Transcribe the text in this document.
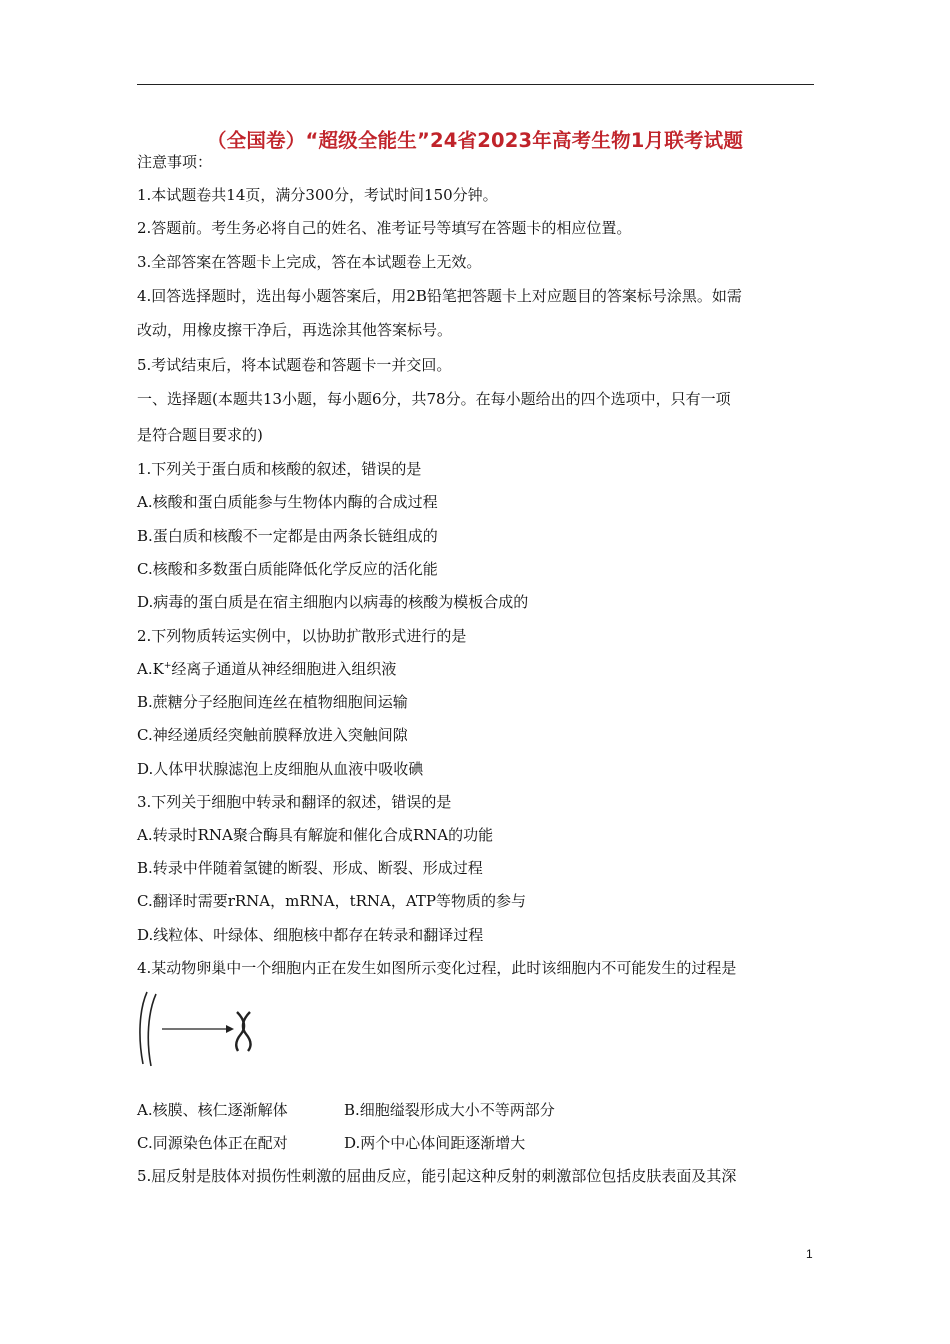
（全国卷）“超级全能生”24省2023年高考生物1月联考试题
注意事项：
1.本试题卷共14页，满分300分，考试时间150分钟。
2.答题前。考生务必将自己的姓名、准考证号等填写在答题卡的相应位置。
3.全部答案在答题卡上完成，答在本试题卷上无效。
4.回答选择题时，选出每小题答案后，用2B铅笔把答题卡上对应题目的答案标号涂黑。如需
改动，用橡皮擦干净后，再选涂其他答案标号。
5.考试结束后，将本试题卷和答题卡一并交回。
一、选择题(本题共13小题，每小题6分，共78分。在每小题给出的四个选项中，只有一项
是符合题目要求的)
1.下列关于蛋白质和核酸的叙述，错误的是
A.核酸和蛋白质能参与生物体内酶的合成过程
B.蛋白质和核酸不一定都是由两条长链组成的
C.核酸和多数蛋白质能降低化学反应的活化能
D.病毒的蛋白质是在宿主细胞内以病毒的核酸为模板合成的
2.下列物质转运实例中，以协助扩散形式进行的是
A.K+经离子通道从神经细胞进入组织液
B.蔗糖分子经胞间连丝在植物细胞间运输
C.神经递质经突触前膜释放进入突触间隙
D.人体甲状腺滤泡上皮细胞从血液中吸收碘
3.下列关于细胞中转录和翻译的叙述，错误的是
A.转录时RNA聚合酶具有解旋和催化合成RNA的功能
B.转录中伴随着氢键的断裂、形成、断裂、形成过程
C.翻译时需要rRNA，mRNA，tRNA，ATP等物质的参与
D.线粒体、叶绿体、细胞核中都存在转录和翻译过程
4.某动物卵巢中一个细胞内正在发生如图所示变化过程，此时该细胞内不可能发生的过程是
A.核膜、核仁逐渐解体	B.细胞缢裂形成大小不等两部分
C.同源染色体正在配对	D.两个中心体间距逐渐增大
5.屈反射是肢体对损伤性刺激的屈曲反应，能引起这种反射的刺激部位包括皮肤表面及其深
1
